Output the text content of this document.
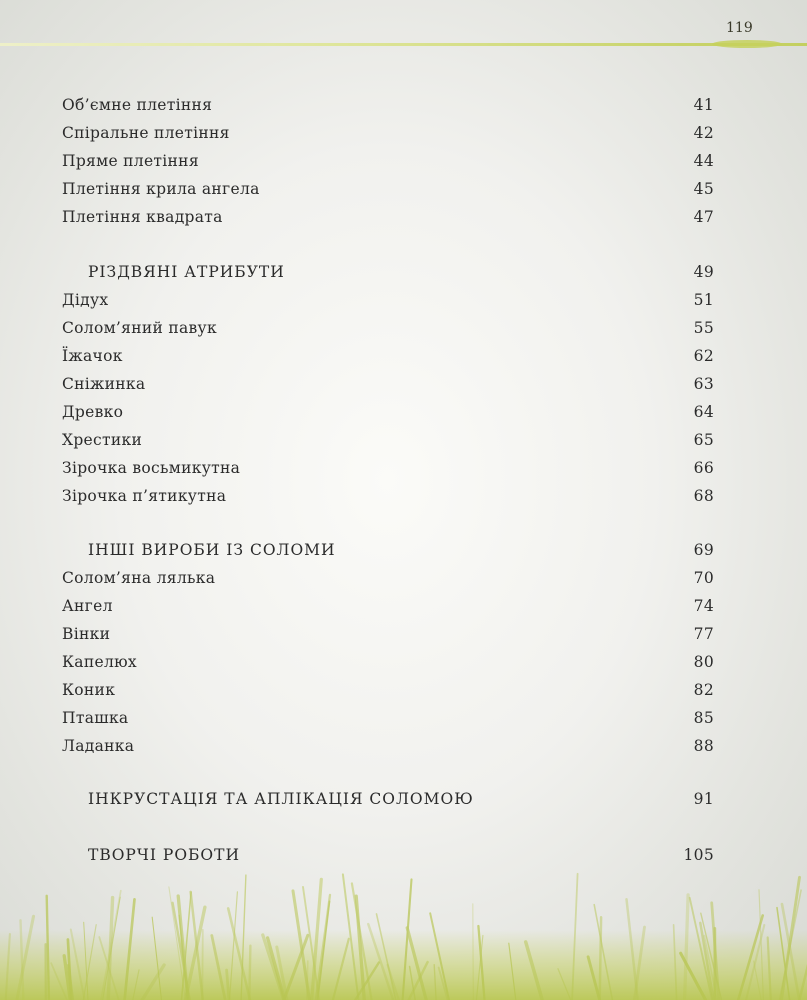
119
Об’ємне плетіння	41
Спіральне плетіння	42
Пряме плетіння	44
Плетіння крила ангела	45
Плетіння квадрата	47
РІЗДВЯНІ АТРИБУТИ	49
Дідух	51
Солом’яний павук	55
Їжачок	62
Сніжинка	63
Древко	64
Хрестики	65
Зірочка восьмикутна	66
Зірочка п’ятикутна	68
ІНШІ ВИРОБИ ІЗ СОЛОМИ	69
Солом’яна лялька	70
Ангел	74
Вінки	77
Капелюх	80
Коник	82
Пташка	85
Ладанка	88
ІНКРУСТАЦІЯ ТА АПЛІКАЦІЯ СОЛОМОЮ	91
ТВОРЧІ РОБОТИ	105
